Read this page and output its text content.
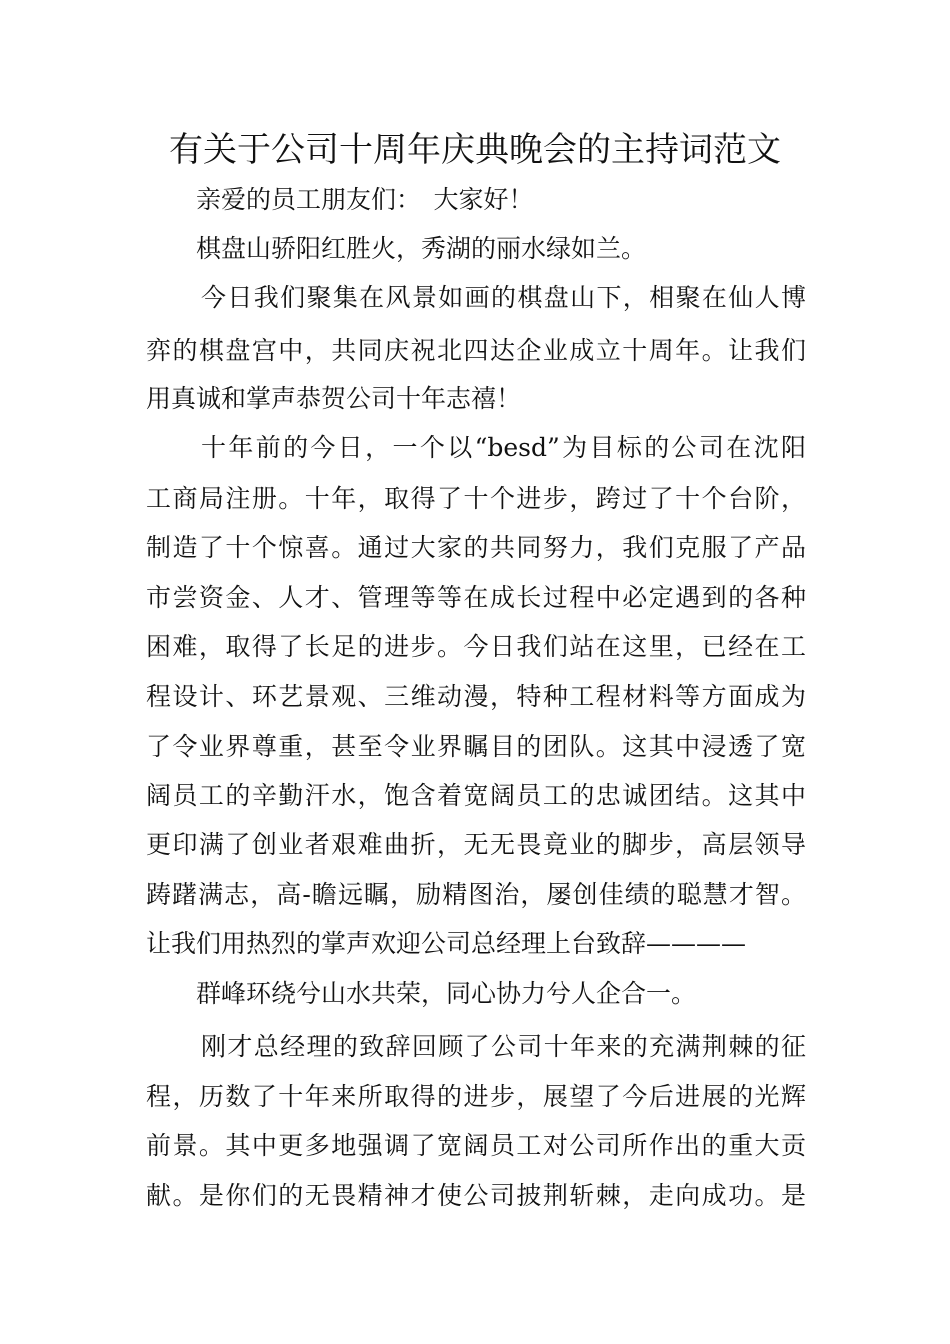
有关于公司十周年庆典晚会的主持词范文
亲爱的员工朋友们：　大家好！
棋盘山骄阳红胜火，秀湖的丽水绿如兰。
今日我们聚集在风景如画的棋盘山下，相聚在仙人博
弈的棋盘宫中，共同庆祝北四达企业成立十周年。让我们
用真诚和掌声恭贺公司十年志禧！
十年前的今日，一个以“besd”为目标的公司在沈阳
工商局注册。十年，取得了十个进步，跨过了十个台阶，
制造了十个惊喜。通过大家的共同努力，我们克服了产品
市尝资金、人才、管理等等在成长过程中必定遇到的各种
困难，取得了长足的进步。今日我们站在这里，已经在工
程设计、环艺景观、三维动漫，特种工程材料等方面成为
了令业界尊重，甚至令业界瞩目的团队。这其中浸透了宽
阔员工的辛勤汗水，饱含着宽阔员工的忠诚团结。这其中
更印满了创业者艰难曲折，无无畏竟业的脚步，高层领导
踌躇满志，高-瞻远瞩，励精图治，屡创佳绩的聪慧才智。
让我们用热烈的掌声欢迎公司总经理上台致辞————
群峰环绕兮山水共荣，同心协力兮人企合一。
刚才总经理的致辞回顾了公司十年来的充满荆棘的征
程，历数了十年来所取得的进步，展望了今后进展的光辉
前景。其中更多地强调了宽阔员工对公司所作出的重大贡
献。是你们的无畏精神才使公司披荆斩棘，走向成功。是
